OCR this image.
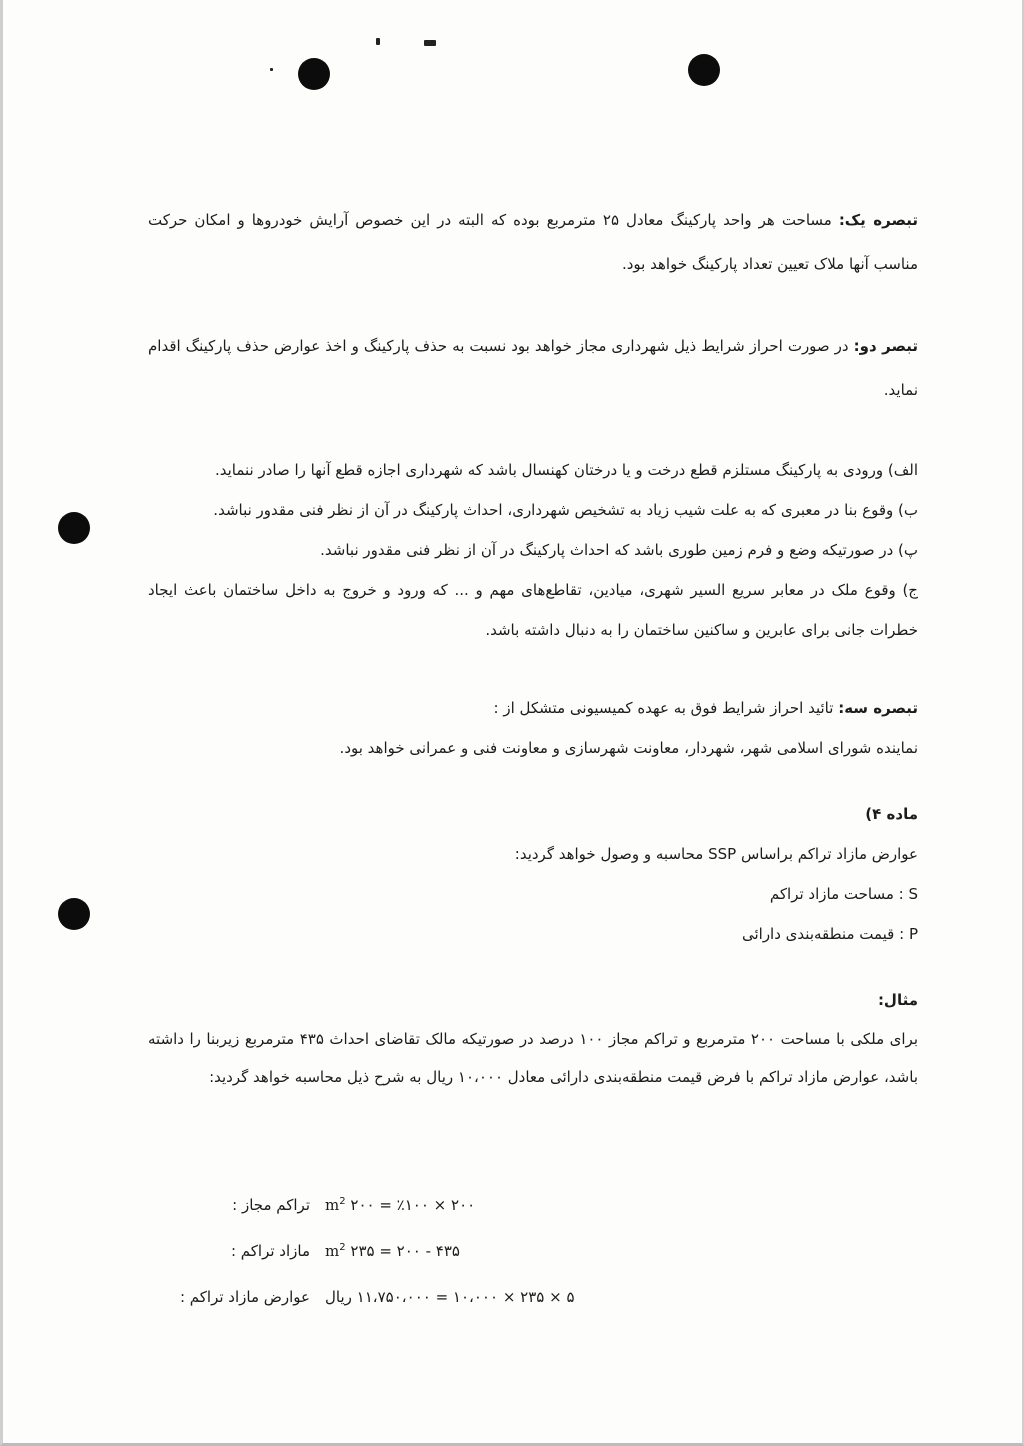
تبصره یک: مساحت هر واحد پارکینگ معادل ۲۵ مترمربع بوده که البته در این خصوص آرایش خودروها و امکان حرکت مناسب آنها ملاک تعیین تعداد پارکینگ خواهد بود.

تبصر دو: در صورت احراز شرایط ذیل شهرداری مجاز خواهد بود نسبت به حذف پارکینگ و اخذ عوارض حذف پارکینگ اقدام نماید.

الف) ورودی به پارکینگ مستلزم قطع درخت و یا درختان کهنسال باشد که شهرداری اجازه قطع آنها را صادر ننماید.

ب) وقوع بنا در معبری که به علت شیب زیاد به تشخیص شهرداری، احداث پارکینگ در آن از نظر فنی مقدور نباشد.

پ) در صورتیکه وضع و فرم زمین طوری باشد که احداث پارکینگ در آن از نظر فنی مقدور نباشد.

ج) وقوع ملک در معابر سریع السیر شهری، میادین، تقاطع‌های مهم و ... که ورود و خروج به داخل ساختمان باعث ایجاد خطرات جانی برای عابرین و ساکنین ساختمان را به دنبال داشته باشد.

تبصره سه: تائید احراز شرایط فوق به عهده کمیسیونی متشکل از :

نماینده شورای اسلامی شهر، شهردار، معاونت شهرسازی و معاونت فنی و عمرانی خواهد بود.

ماده ۴)

عوارض مازاد تراکم براساس SSP محاسبه و وصول خواهد گردید:

S : مساحت مازاد تراکم

P : قیمت منطقه‌بندی دارائی

مثال:

برای ملکی با مساحت ۲۰۰ مترمربع و تراکم مجاز ۱۰۰ درصد در صورتیکه مالک تقاضای احداث ۴۳۵ مترمربع زیربنا را داشته باشد، عوارض مازاد تراکم با فرض قیمت منطقه‌بندی دارائی معادل ۱۰،۰۰۰ ریال به شرح ذیل محاسبه خواهد گردید:

تراکم مجاز :	۲۰۰ × ٪۱۰۰ = ۲۰۰ $m^2$
مازاد تراکم :	۴۳۵ - ۲۰۰ = ۲۳۵ $m^2$
عوارض مازاد تراکم :	۵ × ۲۳۵ × ۱۰،۰۰۰ = ۱۱،۷۵۰،۰۰۰ ریال
